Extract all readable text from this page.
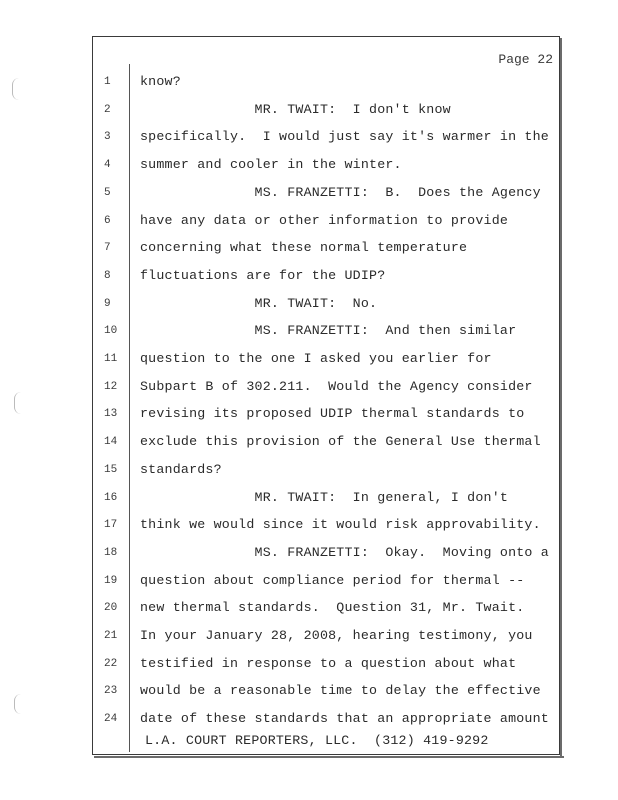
Page 22
1	know?
2	MR. TWAIT:  I don't know
3	specifically.  I would just say it's warmer in the
4	summer and cooler in the winter.
5	MS. FRANZETTI:  B.  Does the Agency
6	have any data or other information to provide
7	concerning what these normal temperature
8	fluctuations are for the UDIP?
9	MR. TWAIT:  No.
10	MS. FRANZETTI:  And then similar
11	question to the one I asked you earlier for
12	Subpart B of 302.211.  Would the Agency consider
13	revising its proposed UDIP thermal standards to
14	exclude this provision of the General Use thermal
15	standards?
16	MR. TWAIT:  In general, I don't
17	think we would since it would risk approvability.
18	MS. FRANZETTI:  Okay.  Moving onto a
19	question about compliance period for thermal --
20	new thermal standards.  Question 31, Mr. Twait.
21	In your January 28, 2008, hearing testimony, you
22	testified in response to a question about what
23	would be a reasonable time to delay the effective
24	date of these standards that an appropriate amount
L.A. COURT REPORTERS, LLC.  (312) 419-9292
